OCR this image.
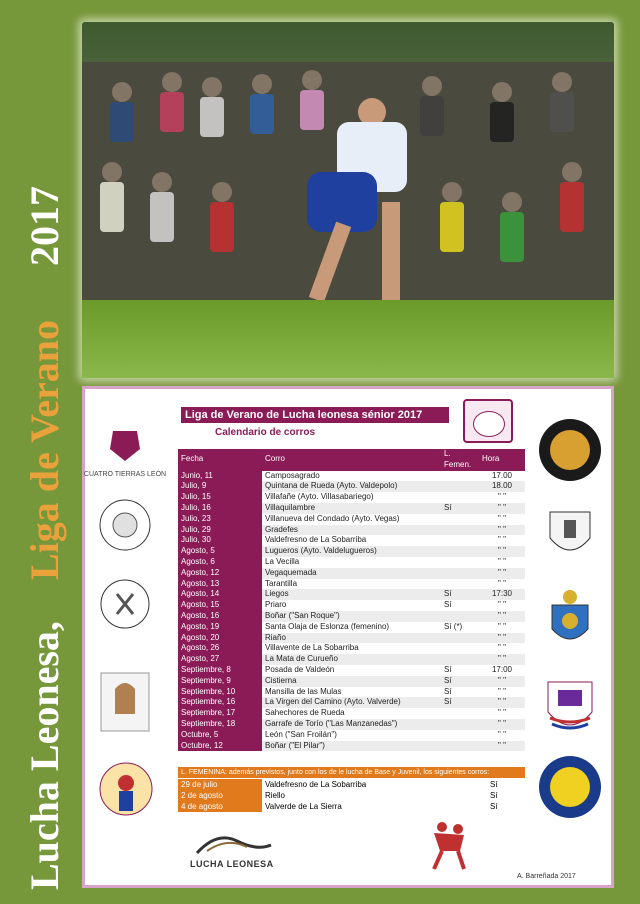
Lucha Leonesa,
Liga de Verano
2017
Liga de Verano de Lucha leonesa sénior 2017
Calendario de corros
CUATRO TIERRAS LEÓN
Fecha	Corro	L. Femen.	Hora
Junio, 11	Camposagrado		17.00
Julio, 9	Quintana de Rueda (Ayto. Valdepolo)		18.00
Julio, 15	Villafañe (Ayto. Villasabariego)		" "
Julio, 16	Villaquilambre	Sí	" "
Julio, 23	Villanueva del Condado (Ayto. Vegas)		" "
Julio, 29	Gradefes		" "
Julio, 30	Valdefresno de La Sobarriba		" "
Agosto, 5	Lugueros (Ayto. Valdelugueros)		" "
Agosto, 6	La Vecilla		" "
Agosto, 12	Vegaquemada		" "
Agosto, 13	Tarantilla		" "
Agosto, 14	Liegos	Sí	17:30
Agosto, 15	Priaro	Sí	" "
Agosto, 16	Boñar ("San Roque")		" "
Agosto, 19	Santa Olaja de Eslonza (femenino)	Sí (*)	" "
Agosto, 20	Riaño		" "
Agosto, 26	Villavente de La Sobarriba		" "
Agosto, 27	La Mata de Curueño		" "
Septiembre, 8	Posada de Valdeón	Sí	17:00
Septiembre, 9	Cistierna	Sí	" "
Septiembre, 10	Mansilla de las Mulas	Sí	" "
Septiembre, 16	La Virgen del Camino (Ayto. Valverde)	Sí	" "
Septiembre, 17	Sahechores de Rueda		" "
Septiembre, 18	Garrafe de Torío ("Las Manzanedas")		" "
Octubre, 5	León ("San Froilán")		" "
Octubre, 12	Boñar ("El Pilar")		" "
L. FEMENINA: además previstos, junto con los de le lucha de Base y Juvenil, los siguientes corros:
29 de julio	Valdefresno de La Sobarriba	Sí
2 de agosto	Riello	Sí
4 de agosto	Valverde de La Sierra	Sí
LUCHA LEONESA
A. Barreñada 2017
